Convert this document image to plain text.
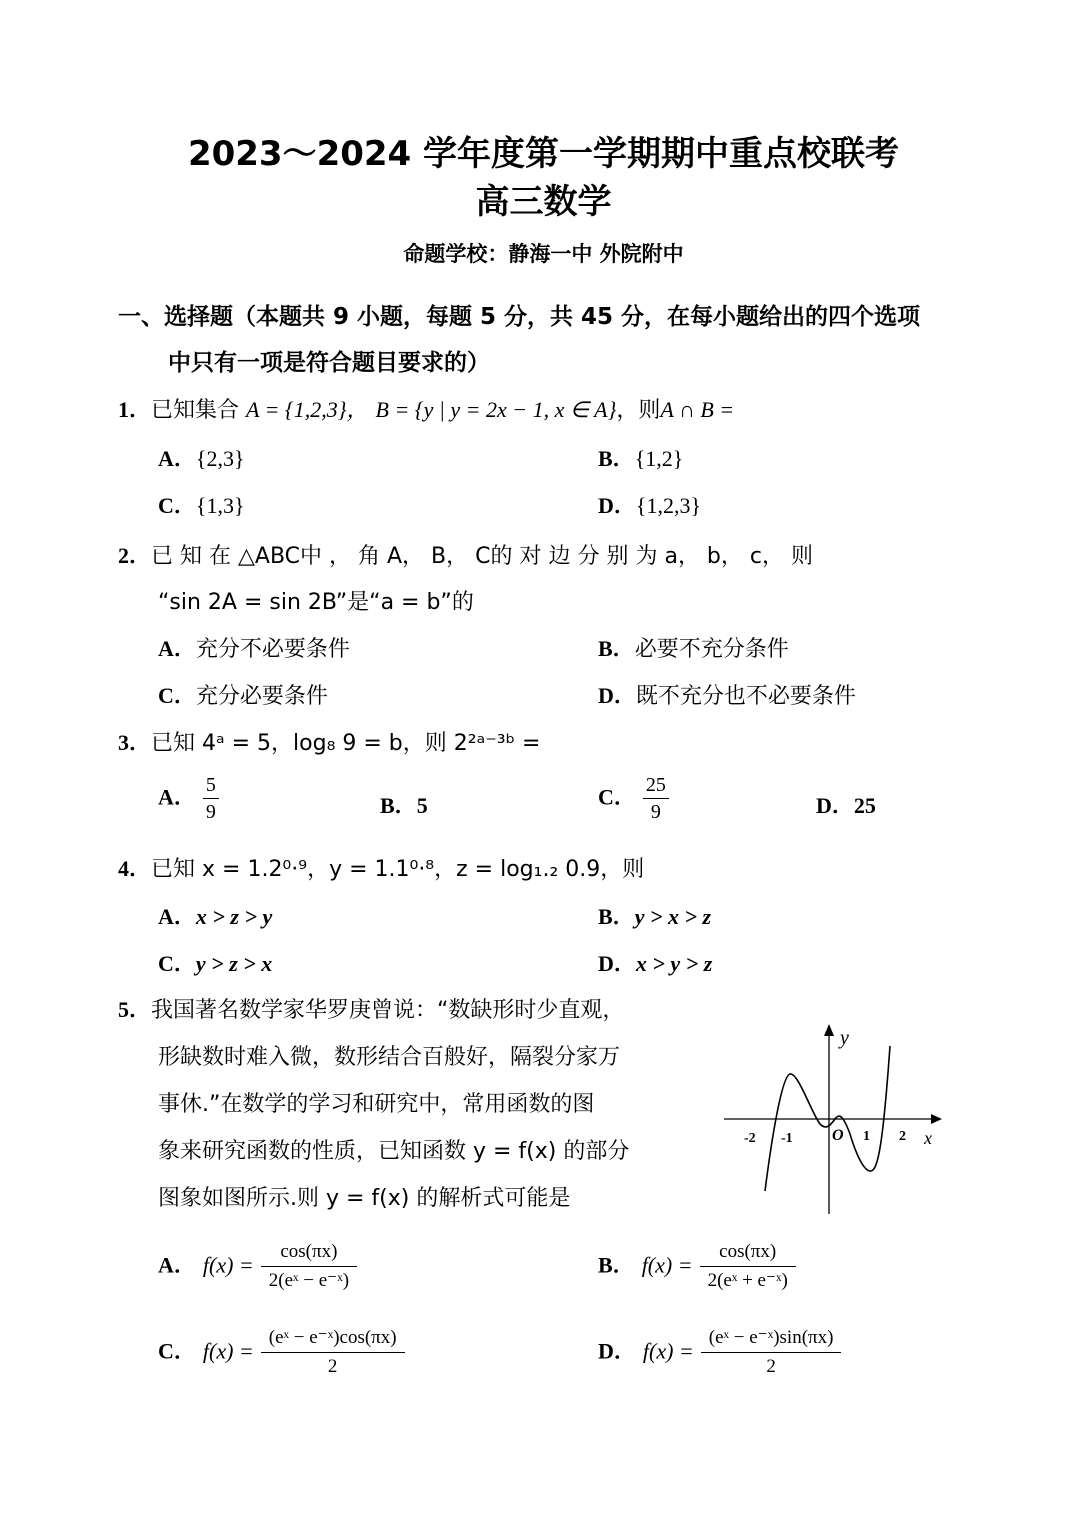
2023～2024 学年度第一学期期中重点校联考
高三数学
命题学校：静海一中 外院附中
一、选择题（本题共 9 小题，每题 5 分，共 45 分，在每小题给出的四个选项
中只有一项是符合题目要求的）
1．已知集合 A = {1,2,3}， B = {y | y = 2x − 1, x ∈ A}，则A ∩ B =
A．{2,3}	B．{1,2}
C．{1,3}	D．{1,2,3}
2．已 知 在 △ABC中 ， 角 A， B， C的 对 边 分 别 为 a， b， c， 则
“sin 2A = sin 2B”是“a = b”的
A．充分不必要条件	B．必要不充分条件
C．充分必要条件	D．既不充分也不必要条件
3．已知 4ᵃ = 5，log₈ 9 = b，则 2²ᵃ⁻³ᵇ =
A． $\frac{5}{9}$	B．5	C． $\frac{25}{9}$	D．25
4．已知 x = 1.2⁰·⁹，y = 1.1⁰·⁸，z = log₁.₂ 0.9，则
A．x > z > y	B．y > x > z
C．y > z > x	D．x > y > z
5．我国著名数学家华罗庚曾说：“数缺形时少直观，
形缺数时难入微，数形结合百般好，隔裂分家万
事休.”在数学的学习和研究中，常用函数的图
象来研究函数的性质，已知函数 y = f(x) 的部分
图象如图所示.则 y = f(x) 的解析式可能是
y
x
O
-2 -1	1 2
A． $f(x) = \frac{\cos(\pi x)}{\text{2(eˣ − e⁻ˣ)}}$	B． $f(x) = \frac{\cos(\pi x)}{\text{2(eˣ + e⁻ˣ)}}$
C． $f(x) = \frac{\text{(eˣ − e⁻ˣ)cos(πx)}}{2}$	D． $f(x) = \frac{\text{(eˣ − e⁻ˣ)sin(πx)}}{2}$
